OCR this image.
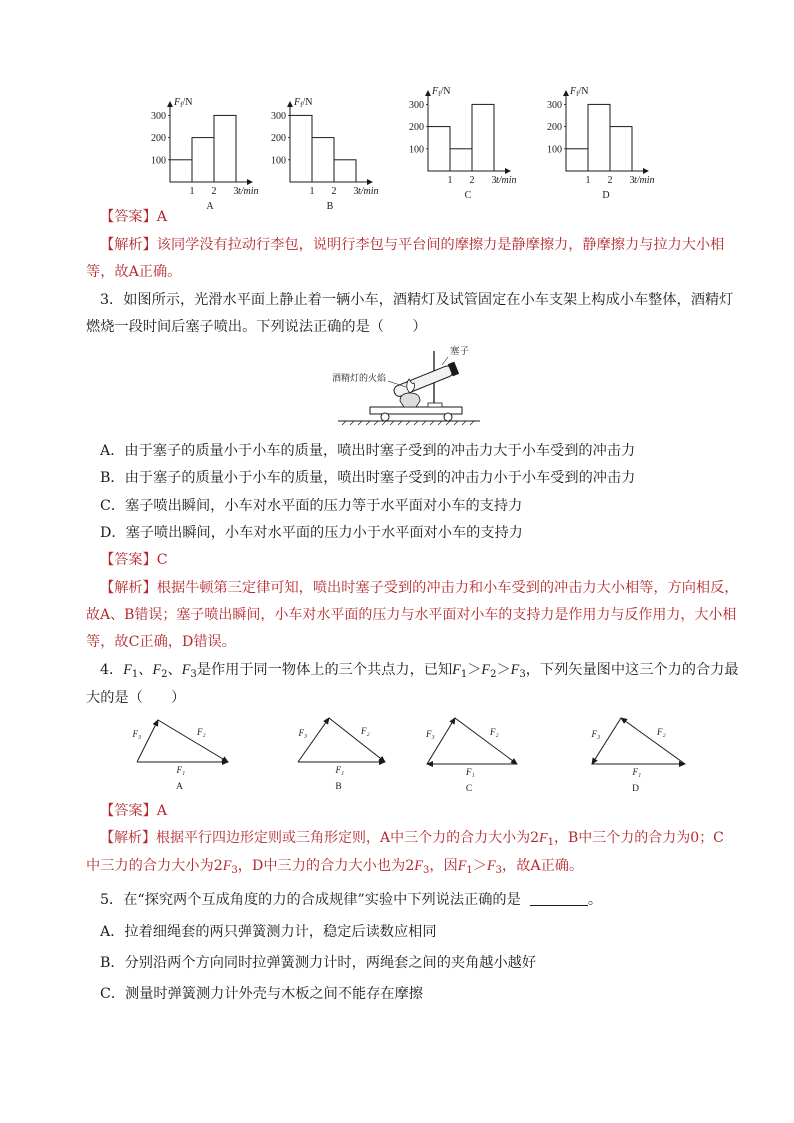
300
200
100
$F_f/N$
1 2 3 t/min
A
300
200
100
$F_f/N$
1 2 3 t/min
B
300
200
100
$F_f/N$
1 2 3 t/min
C
300
200
100
$F_f/N$
1 2 3 t/min
D
【答案】A
【解析】该同学没有拉动行李包，说明行李包与平台间的摩擦力是静摩擦力，静摩擦力与拉力大小相
等，故A正确。
3．如图所示，光滑水平面上静止着一辆小车，酒精灯及试管固定在小车支架上构成小车整体，酒精灯
燃烧一段时间后塞子喷出。下列说法正确的是（　　）
塞子
酒精灯的火焰
A．由于塞子的质量小于小车的质量，喷出时塞子受到的冲击力大于小车受到的冲击力
B．由于塞子的质量小于小车的质量，喷出时塞子受到的冲击力小于小车受到的冲击力
C．塞子喷出瞬间，小车对水平面的压力等于水平面对小车的支持力
D．塞子喷出瞬间，小车对水平面的压力小于水平面对小车的支持力
【答案】C
【解析】根据牛顿第三定律可知，喷出时塞子受到的冲击力和小车受到的冲击力大小相等，方向相反，
故A、B错误；塞子喷出瞬间，小车对水平面的压力与水平面对小车的支持力是作用力与反作用力，大小相
等，故C正确，D错误。
4．$F_1$、$F_2$、$F_3$是作用于同一物体上的三个共点力，已知$F_1>F_2>F_3$，下列矢量图中这三个力的合力最
大的是（　　）
F₁
F₃	F₂
A
F₁
F₃	F₂
B
F₁
F₃	F₂
C
F₁
F₃	F₂
D
【答案】A
【解析】根据平行四边形定则或三角形定则，A中三个力的合力大小为$2F_1$，B中三个力的合力为0；C
中三力的合力大小为$2F_3$，D中三力的合力大小也为$2F_3$，因$F_1>F_3$，故A正确。
5．在“探究两个互成角度的力的合成规律”实验中下列说法正确的是	。
A．拉着细绳套的两只弹簧测力计，稳定后读数应相同
B．分别沿两个方向同时拉弹簧测力计时，两绳套之间的夹角越小越好
C．测量时弹簧测力计外壳与木板之间不能存在摩擦
